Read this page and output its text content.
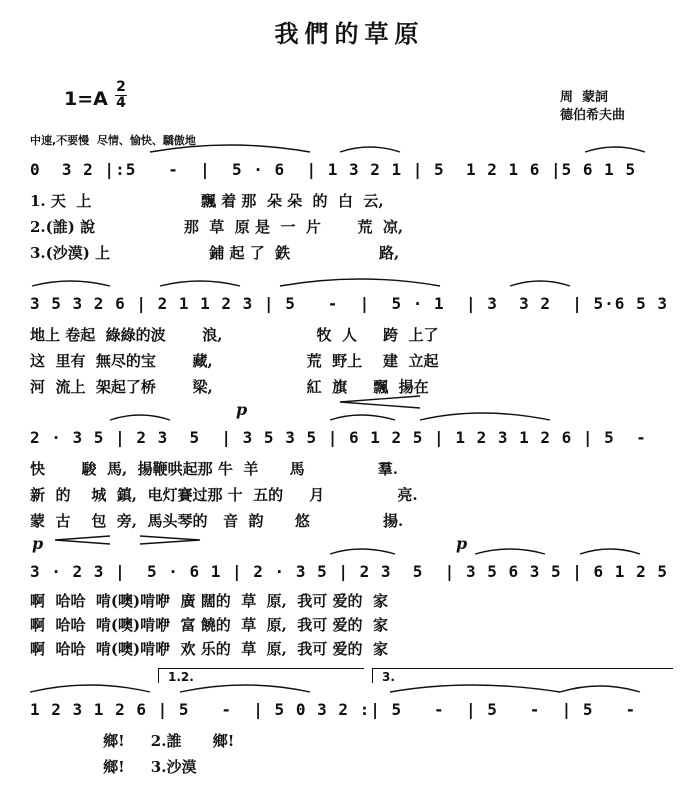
我們的草原
1=A
2
4	周  蒙詞
德伯希夫曲
中速,不要慢  尽情、愉快、驕傲地
0  3 2 |:5   -  |  5 · 6  | 1 3 2 1 | 5  1 2 1 6 |5 6 1 5
1. 天  上                     飄 着 那  朵 朵  的  白  云,
2.(誰) 說                 那  草  原 是  一  片       荒  凉,
3.(沙漠) 上                   鋪 起 了  鉄                 路,
3 5 3 2 6 | 2 1 1 2 3 | 5   -  |  5 · 1  | 3  3 2  | 5·6 5 3
地上 卷起  綠綠的波       浪,                  牧  人     跨  上了
这  里有  無尽的宝       藏,                  荒  野上    建  立起
河  流上  架起了桥       梁,                  紅  旗     飄  揚在
p
2 · 3 5 | 2 3  5  | 3 5 3 5 | 6 1 2 5 | 1 2 3 1 2 6 | 5  -
快       駿  馬,  揚鞭哄起那 牛  羊      馬              羣.
新  的    城  鎮,  电灯賽过那 十  五的     月              亮.
蒙  古    包  旁,  馬头琴的   音  韵      悠              揚.
p	p
3 · 2 3 |  5 · 6 1 | 2 · 3 5 | 2 3  5  | 3 5 6 3 5 | 6 1 2 5
啊  哈哈  啃(噢)啃咿  廣 闊的  草  原,  我可 爱的  家
啊  哈哈  啃(噢)啃咿  富 饒的  草  原,  我可 爱的  家
啊  哈哈  啃(噢)啃咿  欢 乐的  草  原,  我可 爱的  家
1.2.	3.
1 2 3 1 2 6 | 5   -  | 5 0 3 2 :| 5   -  | 5   -  | 5   -
鄉!     2.誰      鄉!
鄉!     3.沙漠
